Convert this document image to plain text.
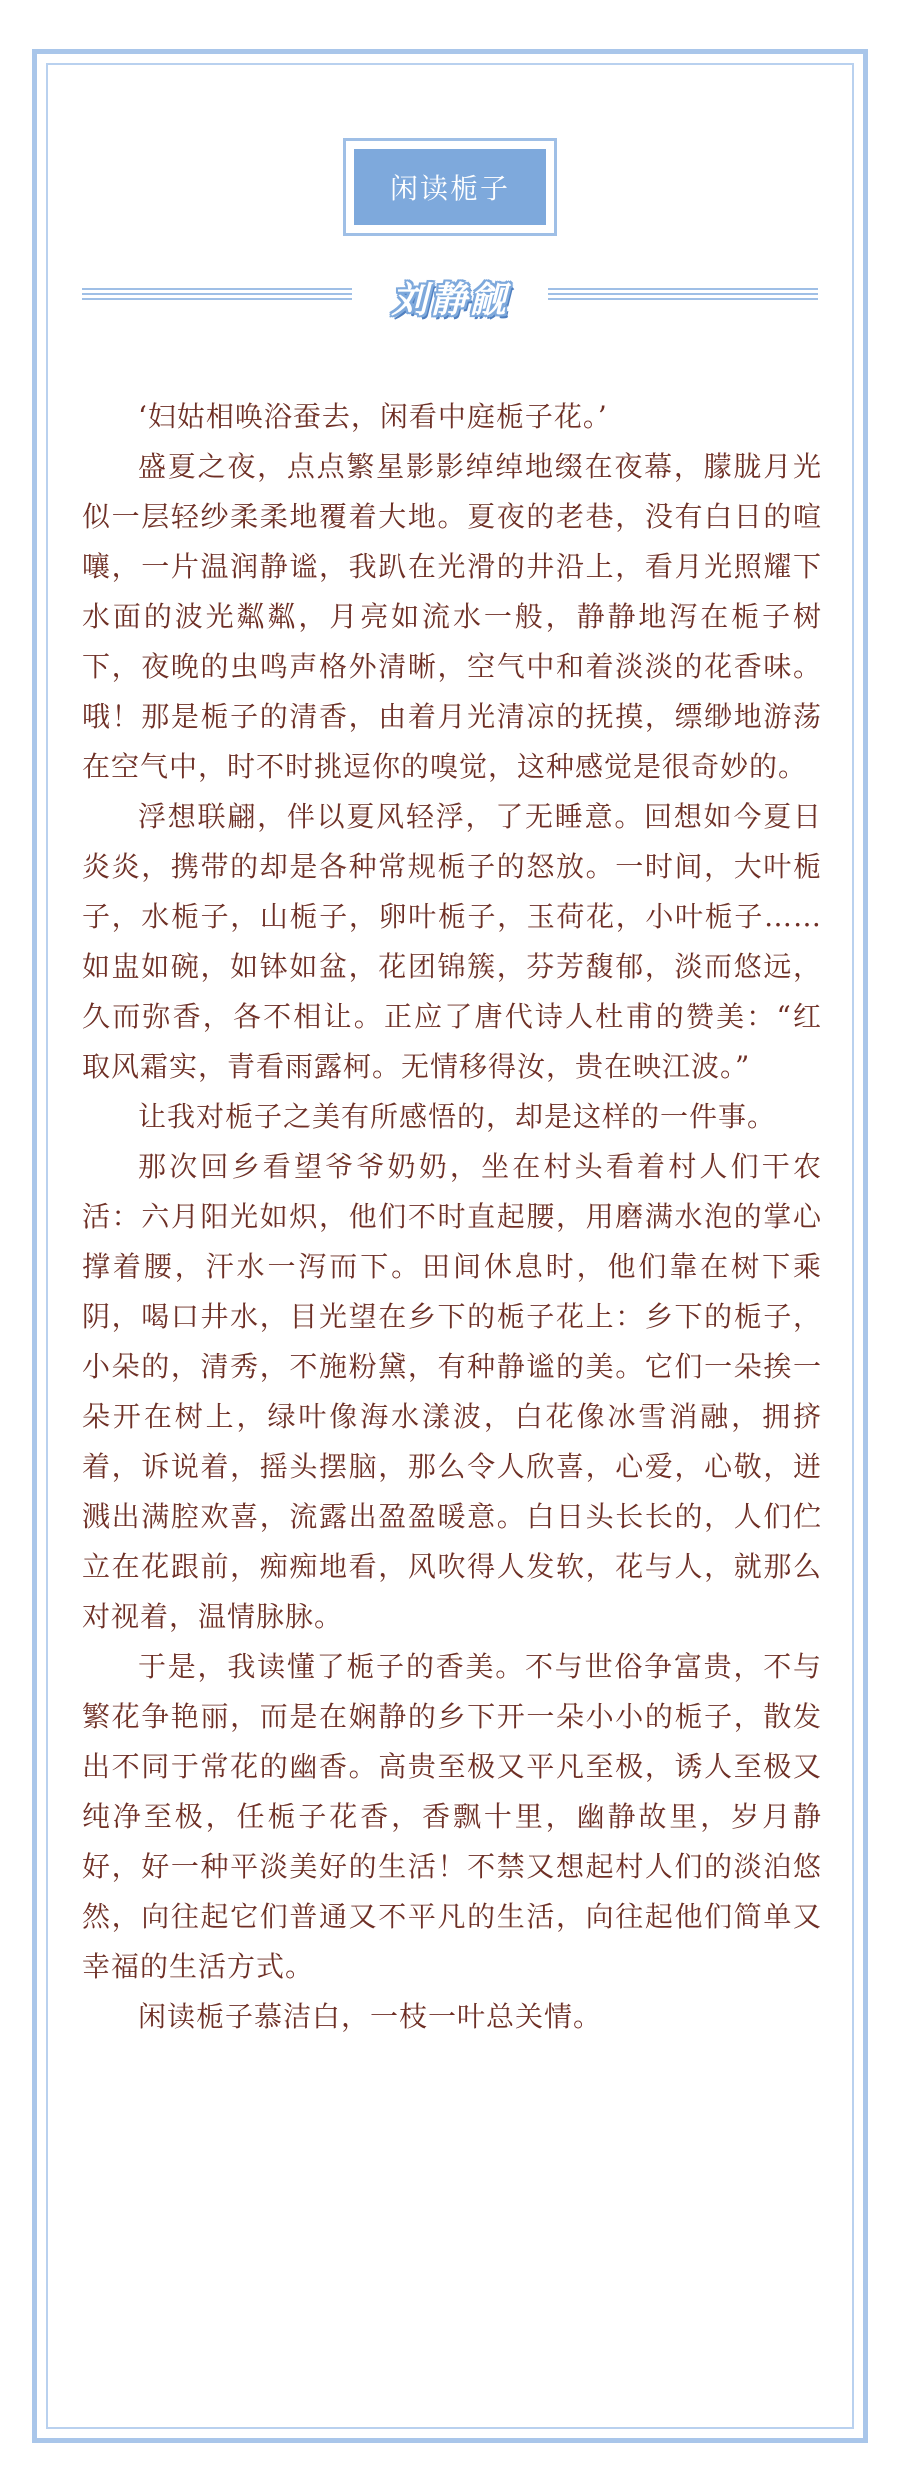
闲读栀子
刘静觎

‘妇姑相唤浴蚕去，闲看中庭栀子花。’

盛夏之夜，点点繁星影影绰绰地缀在夜幕，朦胧月光似一层轻纱柔柔地覆着大地。夏夜的老巷，没有白日的喧嚷，一片温润静谧，我趴在光滑的井沿上，看月光照耀下水面的波光粼粼，月亮如流水一般，静静地泻在栀子树下，夜晚的虫鸣声格外清晰，空气中和着淡淡的花香味。哦！那是栀子的清香，由着月光清凉的抚摸，缥缈地游荡在空气中，时不时挑逗你的嗅觉，这种感觉是很奇妙的。

浮想联翩，伴以夏风轻浮，了无睡意。回想如今夏日炎炎，携带的却是各种常规栀子的怒放。一时间，大叶栀子，水栀子，山栀子，卵叶栀子，玉荷花，小叶栀子……如盅如碗，如钵如盆，花团锦簇，芬芳馥郁，淡而悠远，久而弥香，各不相让。正应了唐代诗人杜甫的赞美：“红取风霜实，青看雨露柯。无情移得汝，贵在映江波。”

让我对栀子之美有所感悟的，却是这样的一件事。

那次回乡看望爷爷奶奶，坐在村头看着村人们干农活：六月阳光如炽，他们不时直起腰，用磨满水泡的掌心撑着腰，汗水一泻而下。田间休息时，他们靠在树下乘阴，喝口井水，目光望在乡下的栀子花上：乡下的栀子，小朵的，清秀，不施粉黛，有种静谧的美。它们一朵挨一朵开在树上，绿叶像海水漾波，白花像冰雪消融，拥挤着，诉说着，摇头摆脑，那么令人欣喜，心爱，心敬，迸溅出满腔欢喜，流露出盈盈暖意。白日头长长的，人们伫立在花跟前，痴痴地看，风吹得人发软，花与人，就那么对视着，温情脉脉。

于是，我读懂了栀子的香美。不与世俗争富贵，不与繁花争艳丽，而是在娴静的乡下开一朵小小的栀子，散发出不同于常花的幽香。高贵至极又平凡至极，诱人至极又纯净至极，任栀子花香，香飘十里，幽静故里，岁月静好，好一种平淡美好的生活！不禁又想起村人们的淡泊悠然，向往起它们普通又不平凡的生活，向往起他们简单又幸福的生活方式。

闲读栀子慕洁白，一枝一叶总关情。
